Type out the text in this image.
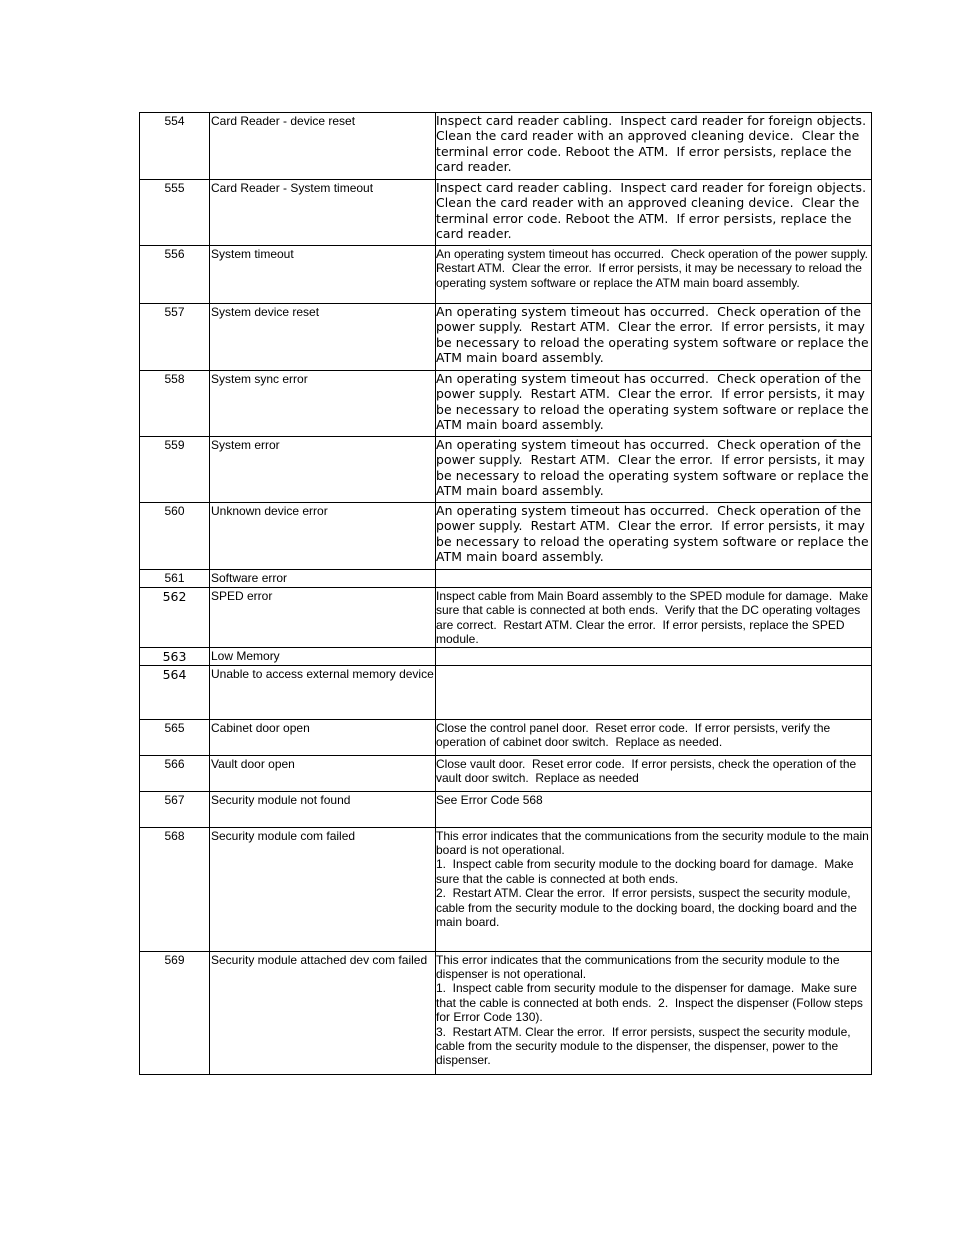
554	Card Reader - device reset	Inspect card reader cabling.  Inspect card reader for foreign objects.  Clean the card reader with an approved cleaning device.  Clear the terminal error code. Reboot the ATM.  If error persists, replace the card reader.

555	Card Reader - System timeout	Inspect card reader cabling.  Inspect card reader for foreign objects.  Clean the card reader with an approved cleaning device.  Clear the terminal error code. Reboot the ATM.  If error persists, replace the card reader.

556	System timeout	An operating system timeout has occurred.  Check operation of the power supply.  Restart ATM.  Clear the error.  If error persists, it may be necessary to reload the operating system software or replace the ATM main board assembly.

557	System device reset	An operating system timeout has occurred.  Check operation of the power supply.  Restart ATM.  Clear the error.  If error persists, it may be necessary to reload the operating system software or replace the ATM main board assembly.

558	System sync error	An operating system timeout has occurred.  Check operation of the power supply.  Restart ATM.  Clear the error.  If error persists, it may be necessary to reload the operating system software or replace the ATM main board assembly.

559	System error	An operating system timeout has occurred.  Check operation of the power supply.  Restart ATM.  Clear the error.  If error persists, it may be necessary to reload the operating system software or replace the ATM main board assembly.

560	Unknown device error	An operating system timeout has occurred.  Check operation of the power supply.  Restart ATM.  Clear the error.  If error persists, it may be necessary to reload the operating system software or replace the ATM main board assembly.

561	Software error	

562	SPED error	Inspect cable from Main Board assembly to the SPED module for damage.  Make sure that cable is connected at both ends.  Verify that the DC operating voltages are correct.  Restart ATM. Clear the error.  If error persists, replace the SPED module.

563	Low Memory	

564	Unable to access external memory device	

565	Cabinet door open	Close the control panel door.  Reset error code.  If error persists, verify the operation of cabinet door switch.  Replace as needed.

566	Vault door open	Close vault door.  Reset error code.  If error persists, check the operation of the vault door switch.  Replace as needed

567	Security module not found	See Error Code 568

568	Security module com failed	This error indicates that the communications from the security module to the main board is not operational.
1.  Inspect cable from security module to the docking board for damage.  Make sure that the cable is connected at both ends.
2.  Restart ATM. Clear the error.  If error persists, suspect the security module, cable from the security module to the docking board, the docking board and the main board.

569	Security module attached dev com failed	This error indicates that the communications from the security module to the dispenser is not operational.
1.  Inspect cable from security module to the dispenser for damage.  Make sure that the cable is connected at both ends.  2.  Inspect the dispenser (Follow steps for Error Code 130).
3.  Restart ATM. Clear the error.  If error persists, suspect the security module, cable from the security module to the dispenser, the dispenser, power to the dispenser.
